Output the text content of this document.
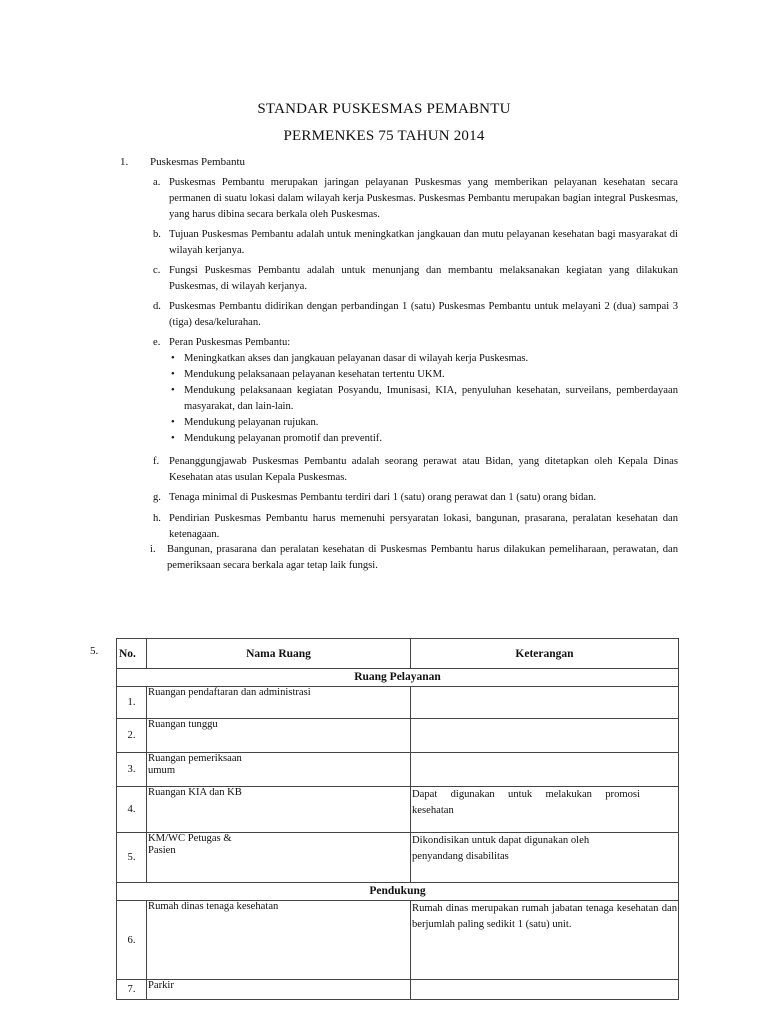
STANDAR PUSKESMAS PEMABNTU
PERMENKES 75 TAHUN 2014
1. Puskesmas Pembantu
a. Puskesmas Pembantu merupakan jaringan pelayanan Puskesmas yang memberikan pelayanan kesehatan secara permanen di suatu lokasi dalam wilayah kerja Puskesmas. Puskesmas Pembantu merupakan bagian integral Puskesmas, yang harus dibina secara berkala oleh Puskesmas.
b. Tujuan Puskesmas Pembantu adalah untuk meningkatkan jangkauan dan mutu pelayanan kesehatan bagi masyarakat di wilayah kerjanya.
c. Fungsi Puskesmas Pembantu adalah untuk menunjang dan membantu melaksanakan kegiatan yang dilakukan Puskesmas, di wilayah kerjanya.
d. Puskesmas Pembantu didirikan dengan perbandingan 1 (satu) Puskesmas Pembantu untuk melayani 2 (dua) sampai 3 (tiga) desa/kelurahan.
e. Peran Puskesmas Pembantu:
• Meningkatkan akses dan jangkauan pelayanan dasar di wilayah kerja Puskesmas.
• Mendukung pelaksanaan pelayanan kesehatan tertentu UKM.
• Mendukung pelaksanaan kegiatan Posyandu, Imunisasi, KIA, penyuluhan kesehatan, surveilans, pemberdayaan masyarakat, dan lain-lain.
• Mendukung pelayanan rujukan.
• Mendukung pelayanan promotif dan preventif.
f. Penanggungjawab Puskesmas Pembantu adalah seorang perawat atau Bidan, yang ditetapkan oleh Kepala Dinas Kesehatan atas usulan Kepala Puskesmas.
g. Tenaga minimal di Puskesmas Pembantu terdiri dari 1 (satu) orang perawat dan 1 (satu) orang bidan.
h. Pendirian Puskesmas Pembantu harus memenuhi persyaratan lokasi, bangunan, prasarana, peralatan kesehatan dan ketenagaan.
i. Bangunan, prasarana dan peralatan kesehatan di Puskesmas Pembantu harus dilakukan pemeliharaan, perawatan, dan pemeriksaan secara berkala agar tetap laik fungsi.
5. No.	Nama Ruang	Keterangan
Ruang Pelayanan		
1.	Ruangan pendaftaran dan administrasi	
2.	Ruangan tunggu	
3.	Ruangan pemeriksaan umum	
4.	Ruangan KIA dan KB	Dapat digunakan untuk melakukan promosi kesehatan
5.	KM/WC Petugas & Pasien	Dikondisikan untuk dapat digunakan oleh penyandang disabilitas
Pendukung		
6.	Rumah dinas tenaga kesehatan	Rumah dinas merupakan rumah jabatan tenaga kesehatan dan berjumlah paling sedikit 1 (satu) unit.
7.	Parkir	
